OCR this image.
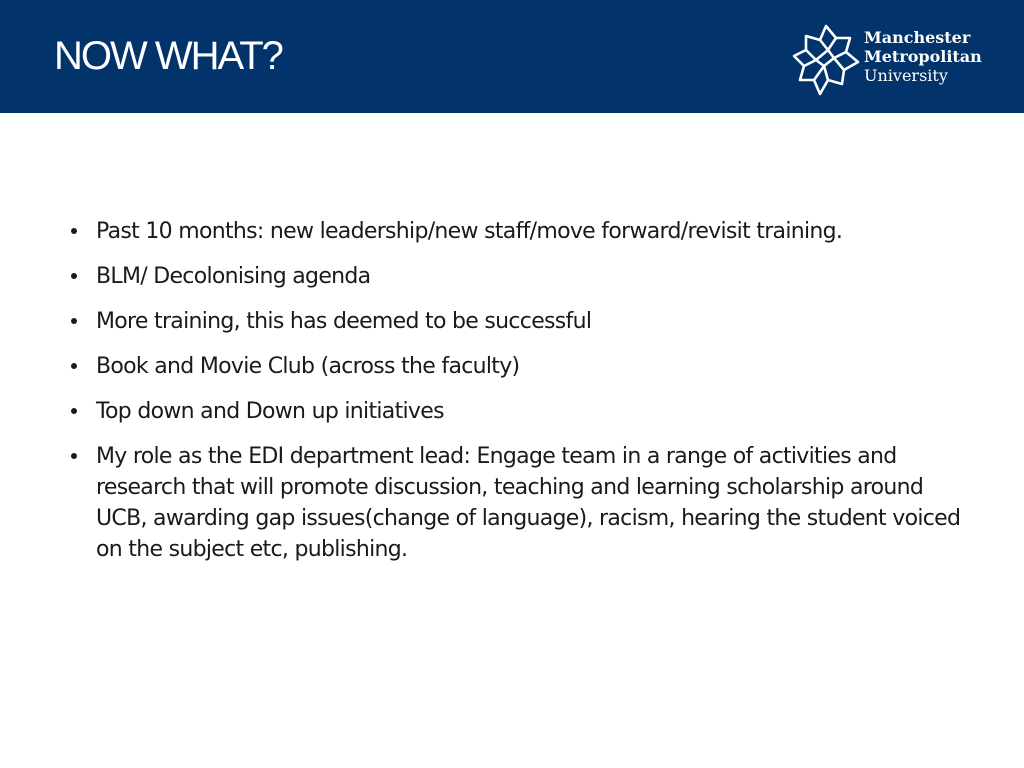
NOW WHAT?	Manchester
Metropolitan
University
Past 10 months: new leadership/new staff/move forward/revisit training.
BLM/ Decolonising agenda
More training, this has deemed to be successful
Book and Movie Club (across the faculty)
Top down and Down up initiatives
My role as the EDI department lead: Engage team in a range of activities and research that will promote discussion, teaching and learning scholarship around UCB, awarding gap issues(change of language), racism, hearing the student voiced on the subject etc, publishing.
